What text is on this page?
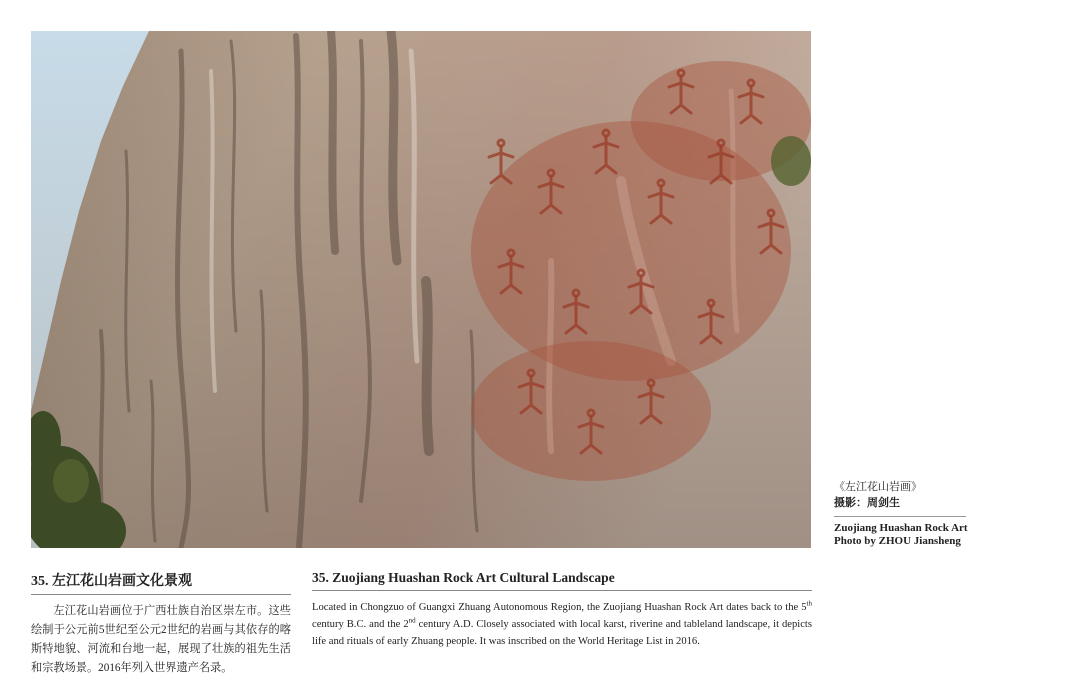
《左江花山岩画》
摄影：周剑生
Zuojiang Huashan Rock Art
Photo by ZHOU Jiansheng
35. 左江花山岩画文化景观
左江花山岩画位于广西壮族自治区崇左市。这些绘制于公元前5世纪至公元2世纪的岩画与其依存的喀斯特地貌、河流和台地一起，展现了壮族的祖先生活和宗教场景。2016年列入世界遗产名录。
35. Zuojiang Huashan Rock Art Cultural Landscape
Located in Chongzuo of Guangxi Zhuang Autonomous Region, the Zuojiang Huashan Rock Art dates back to the 5th century B.C. and the 2nd century A.D. Closely associated with local karst, riverine and tableland landscape, it depicts life and rituals of early Zhuang people. It was inscribed on the World Heritage List in 2016.
